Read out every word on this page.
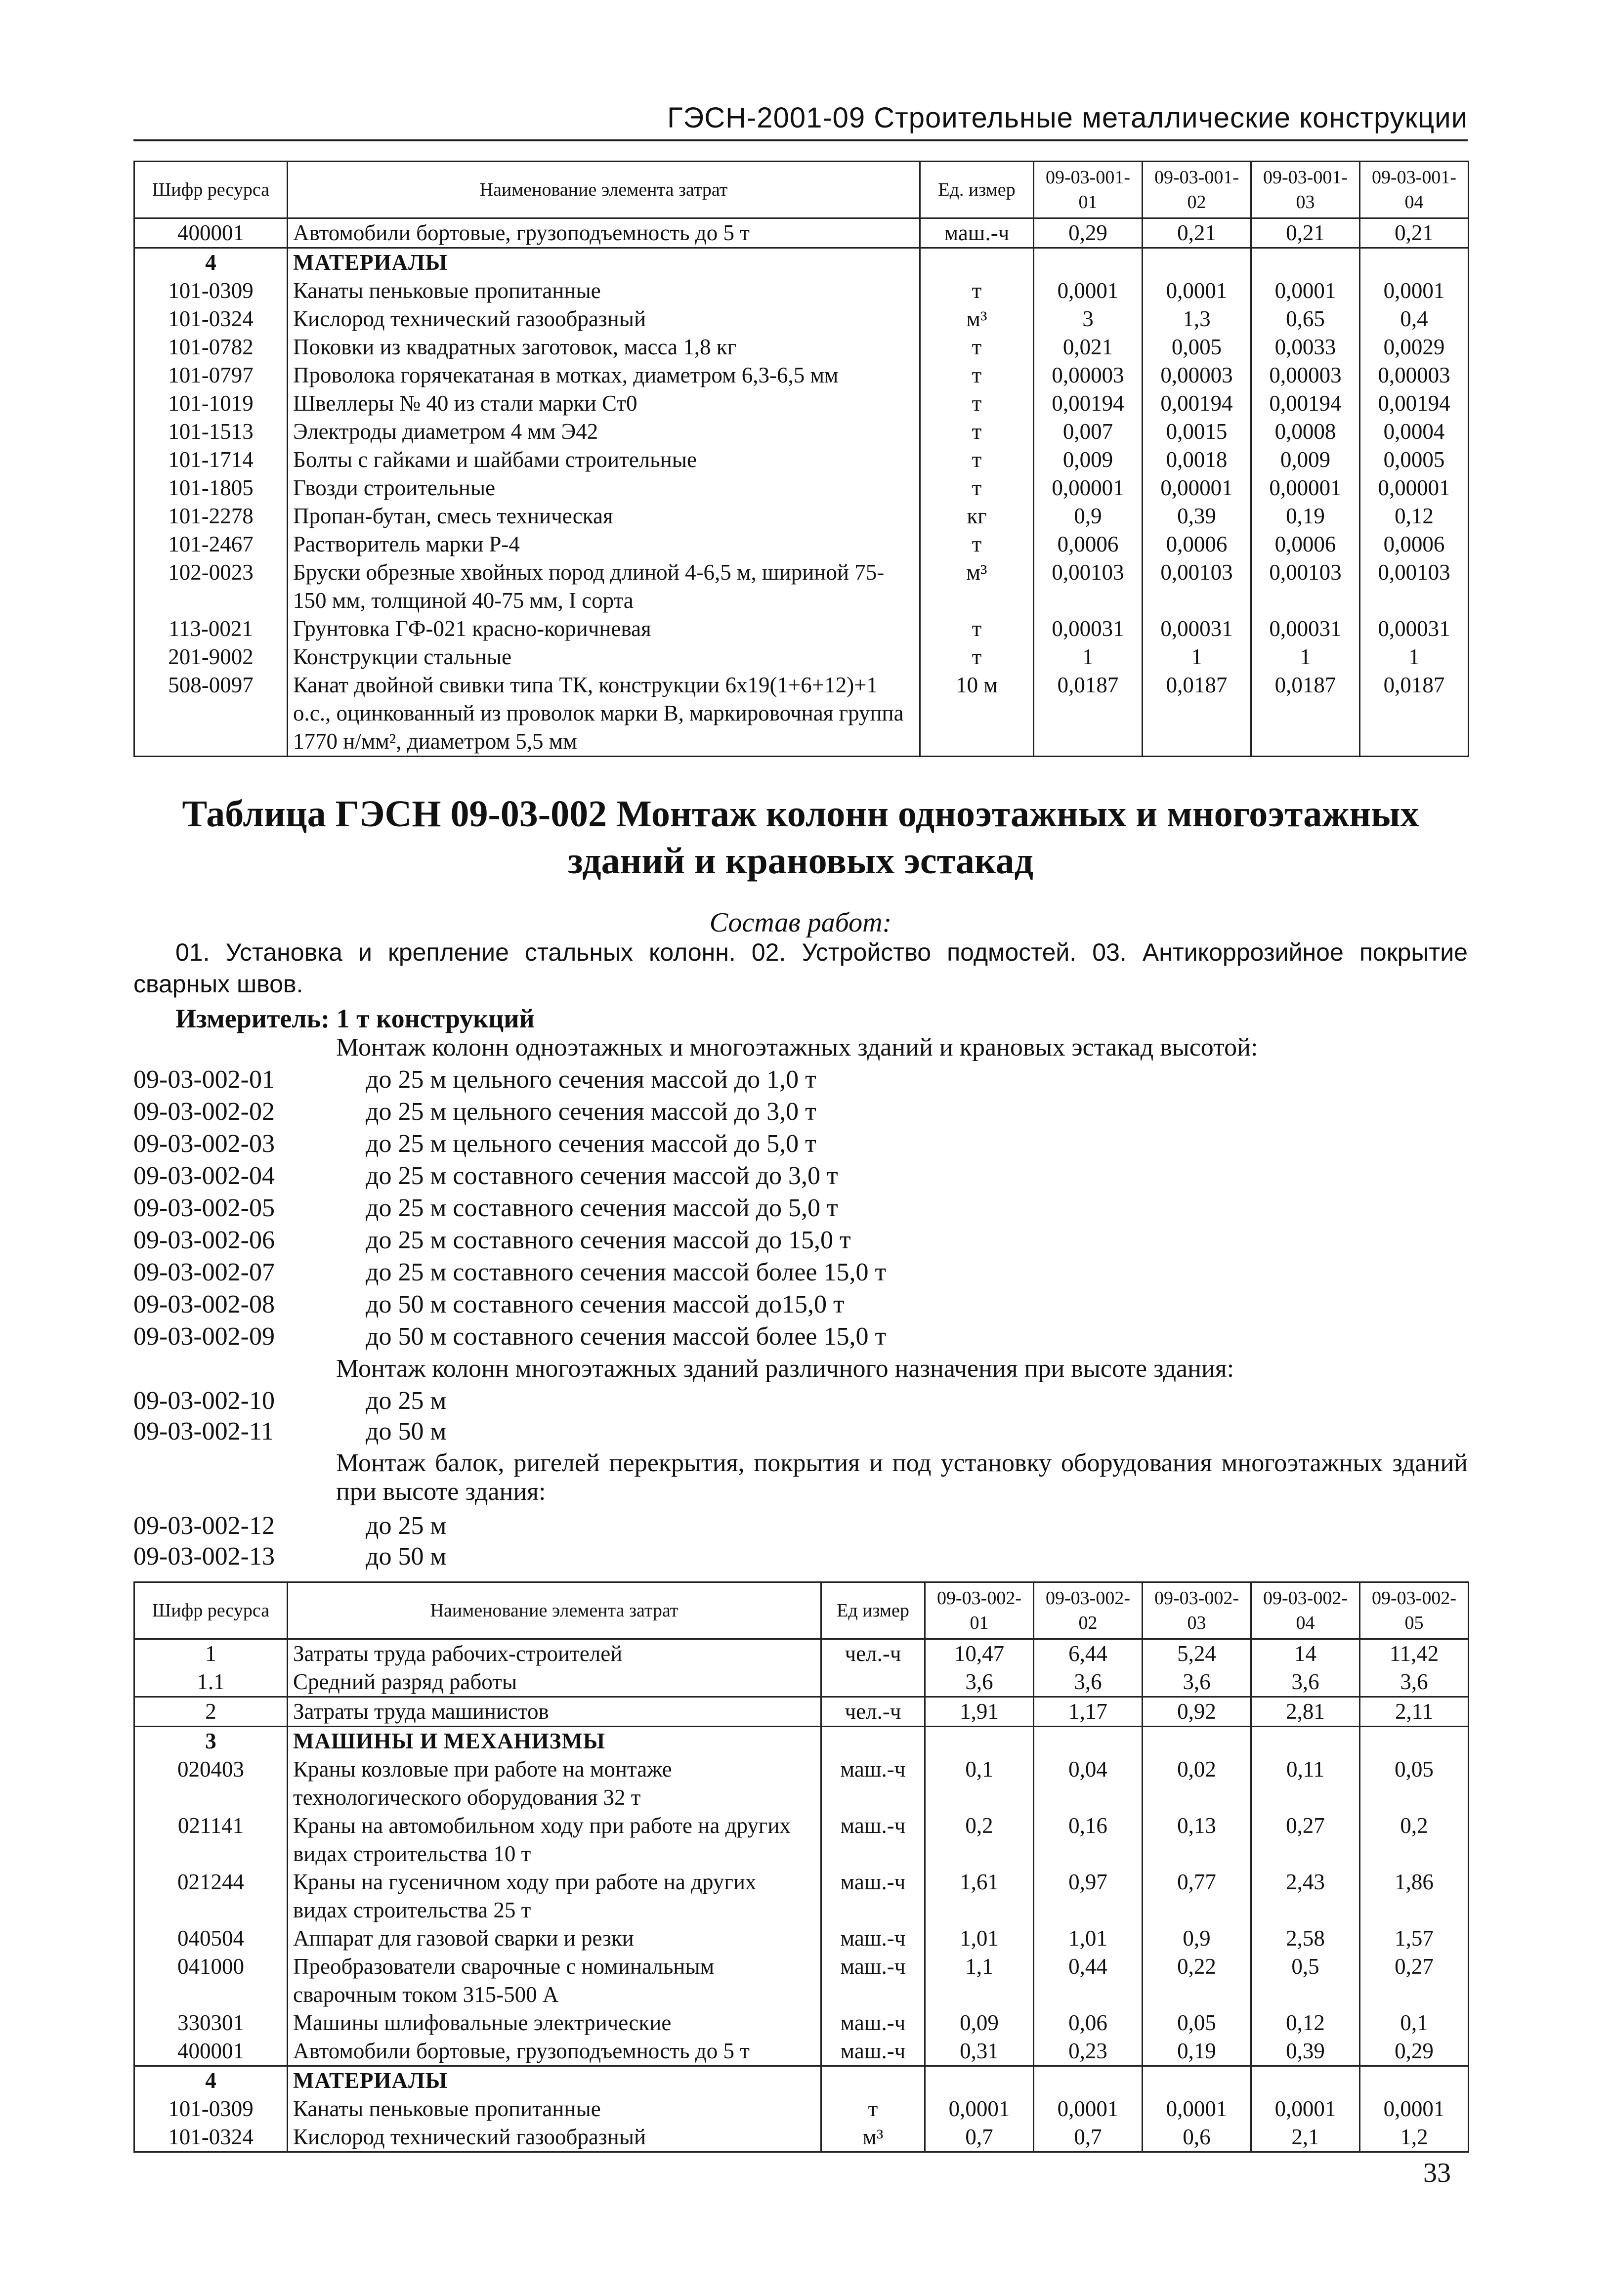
ГЭСН-2001-09 Строительные металлические конструкции
Шифр ресурса	Наименование элемента затрат	Ед. измер	09-03-001-01	09-03-001-02	09-03-001-03	09-03-001-04
400001	Автомобили бортовые, грузоподъемность до 5 т	маш.-ч	0,29	0,21	0,21	0,21
4	МАТЕРИАЛЫ					
101-0309	Канаты пеньковые пропитанные	т	0,0001	0,0001	0,0001	0,0001
101-0324	Кислород технический газообразный	м³	3	1,3	0,65	0,4
101-0782	Поковки из квадратных заготовок, масса 1,8 кг	т	0,021	0,005	0,0033	0,0029
101-0797	Проволока горячекатаная в мотках, диаметром 6,3-6,5 мм	т	0,00003	0,00003	0,00003	0,00003
101-1019	Швеллеры № 40 из стали марки Ст0	т	0,00194	0,00194	0,00194	0,00194
101-1513	Электроды диаметром 4 мм Э42	т	0,007	0,0015	0,0008	0,0004
101-1714	Болты с гайками и шайбами строительные	т	0,009	0,0018	0,009	0,0005
101-1805	Гвозди строительные	т	0,00001	0,00001	0,00001	0,00001
101-2278	Пропан-бутан, смесь техническая	кг	0,9	0,39	0,19	0,12
101-2467	Растворитель марки Р-4	т	0,0006	0,0006	0,0006	0,0006
102-0023	Бруски обрезные хвойных пород длиной 4-6,5 м, шириной 75-150 мм, толщиной 40-75 мм, I сорта	м³	0,00103	0,00103	0,00103	0,00103
113-0021	Грунтовка ГФ-021 красно-коричневая	т	0,00031	0,00031	0,00031	0,00031
201-9002	Конструкции стальные	т	1	1	1	1
508-0097	Канат двойной свивки типа ТК, конструкции 6х19(1+6+12)+1 о.с., оцинкованный из проволок марки В, маркировочная группа 1770 н/мм², диаметром 5,5 мм	10 м	0,0187	0,0187	0,0187	0,0187
Таблица ГЭСН 09-03-002 Монтаж колонн одноэтажных и многоэтажных зданий и крановых эстакад
Состав работ:
01. Установка и крепление стальных колонн. 02. Устройство подмостей. 03. Антикоррозийное покрытие сварных швов.
Измеритель: 1 т конструкций
Монтаж колонн одноэтажных и многоэтажных зданий и крановых эстакад высотой:
09-03-002-01	до 25 м цельного сечения массой до 1,0 т
09-03-002-02	до 25 м цельного сечения массой до 3,0 т
09-03-002-03	до 25 м цельного сечения массой до 5,0 т
09-03-002-04	до 25 м составного сечения массой до 3,0 т
09-03-002-05	до 25 м составного сечения массой до 5,0 т
09-03-002-06	до 25 м составного сечения массой до 15,0 т
09-03-002-07	до 25 м составного сечения массой более 15,0 т
09-03-002-08	до 50 м составного сечения массой до15,0 т
09-03-002-09	до 50 м составного сечения массой более 15,0 т
Монтаж колонн многоэтажных зданий различного назначения при высоте здания:
09-03-002-10	до 25 м
09-03-002-11	до 50 м
Монтаж балок, ригелей перекрытия, покрытия и под установку оборудования многоэтажных зданий при высоте здания:
09-03-002-12	до 25 м
09-03-002-13	до 50 м
Шифр ресурса	Наименование элемента затрат	Ед измер	09-03-002-01	09-03-002-02	09-03-002-03	09-03-002-04	09-03-002-05
1	Затраты труда рабочих-строителей	чел.-ч	10,47	6,44	5,24	14	11,42
1.1	Средний разряд работы		3,6	3,6	3,6	3,6	3,6
2	Затраты труда машинистов	чел.-ч	1,91	1,17	0,92	2,81	2,11
3	МАШИНЫ И МЕХАНИЗМЫ						
020403	Краны козловые при работе на монтаже технологического оборудования 32 т	маш.-ч	0,1	0,04	0,02	0,11	0,05
021141	Краны на автомобильном ходу при работе на других видах строительства 10 т	маш.-ч	0,2	0,16	0,13	0,27	0,2
021244	Краны на гусеничном ходу при работе на других видах строительства 25 т	маш.-ч	1,61	0,97	0,77	2,43	1,86
040504	Аппарат для газовой сварки и резки	маш.-ч	1,01	1,01	0,9	2,58	1,57
041000	Преобразователи сварочные с номинальным сварочным током 315-500 А	маш.-ч	1,1	0,44	0,22	0,5	0,27
330301	Машины шлифовальные электрические	маш.-ч	0,09	0,06	0,05	0,12	0,1
400001	Автомобили бортовые, грузоподъемность до 5 т	маш.-ч	0,31	0,23	0,19	0,39	0,29
4	МАТЕРИАЛЫ						
101-0309	Канаты пеньковые пропитанные	т	0,0001	0,0001	0,0001	0,0001	0,0001
101-0324	Кислород технический газообразный	м³	0,7	0,7	0,6	2,1	1,2
33
